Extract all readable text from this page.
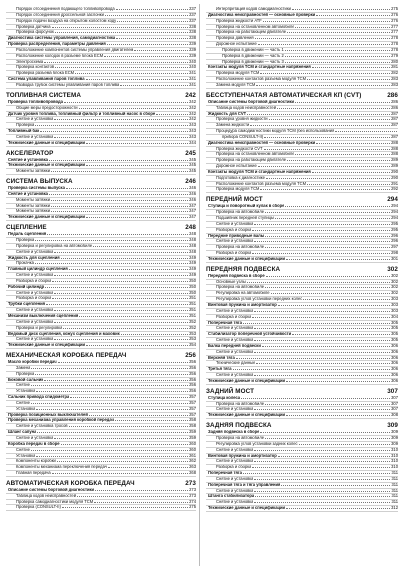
Порядок отсоединения подающего топливопровода	237
Порядок отсоединения дроссельной заслонки	237
Порядок подачи воздуха на открытом холостом ходу	237
Проверка датчика	238
Проверка форсунок	238
Диагностика системы управления, самодиагностика	238
Проверка распределения, параметры давления	239
Расположение компонентов системы управления двигателем	239
Расположение колодок в разъеме блока ECM	239
Электросхема	240
Проверка контактов	240
Проверка разъема блока ECM	241
Система улавливания паров топлива	241
Разводка трубок системы улавливания паров топлива	241
ТОПЛИВНАЯ СИСТЕМА	242
Проверка топливопровода	242
Общие меры предосторожности	242
Датчик уровня топлива, топливный фильтр и топливный насос в сборе	242
Снятие и установка	242
Проверка	243
Топливный бак	243
Снятие и установка	243
Технические данные и спецификации	244
АКСЕЛЕРАТОР	245
Снятие и установка	245
Технические данные и спецификации	245
Моменты затяжки	245
СИСТЕМА ВЫПУСКА	246
Проверка системы выпуска	246
Снятие и установка	246
Моменты затяжки	246
Моменты затяжки	247
Моменты затяжки	247
Технические данные и спецификации	247
СЦЕПЛЕНИЕ	248
Педаль сцепления	248
Проверка	248
Проверка и регулировка на автомобиле	248
Снятие и установка	248
Жидкость для сцепления	249
Прокачка	249
Главный цилиндр сцепления	249
Снятие и установка	249
Разборка и сборка	250
Рабочий цилиндр	250
Снятие и установка	250
Разборка и сборка	251
Трубки сцепления	251
Снятие и установка	251
Механизм выключения сцепления	251
Снятие и установка	252
Проверка и регулировка	252
Ведомый диск сцепления, кожух сцепления и маховик	253
Снятие и установка	253
Технические данные и спецификации	254
МЕХАНИЧЕСКАЯ КОРОБКА ПЕРЕДАЧ	256
Масло коробки передач	256
Замена	256
Проверка	256
Боковой сальник	256
Снятие	256
Установка	256
Сальник привода спидометра	257
Снятие	257
Установка	257
Проверка позиционных выключателей	257
Проверка механизма управления коробкой передач	258
Снятие и установка тросов	258
Шланг сапуна	259
Снятие и установка	259
Коробка передач в сборе	260
Снятие	260
Установка	261
Компоненты коробки	262
Компоненты механизма переключения передач	263
Главная передача	268
АВТОМАТИЧЕСКАЯ КОРОБКА ПЕРЕДАЧ	273
Описание системы бортовой диагностики	273
Таблица кодов неисправностей	273
Проверка самодиагностики модуля TCM	274
Проверка (CONSULT-II)	275
Интерпретация кодов самодиагностики	275
Диагностика неисправностей — основные проверки	276
Проверка жидкости ATF	276
Проверка на остановленном автомобиле	277
Проверка на работающем двигателе	277
Проверка давления	278
Дорожное испытание	278
Проверка в движении — часть 1	278
Проверка в движении — часть 2	279
Проверка в движении — часть 3	280
Контакты модуля TCM и стандартные напряжения	281
Проверка модуля TCM	282
Расположение контактов разъема модуля TCM	283
Замена модуля TCM	283
БЕССТУПЕНЧАТАЯ АВТОМАТИЧЕСКАЯ КП (CVT)	286
Описание системы бортовой диагностики	286
Таблица кодов неисправностей	286
Жидкость для CVT	287
Проверка уровня жидкости	287
Замена жидкости	287
Процедура самодиагностики модуля TCM (без использования
прибора CONSULT-II)	287
Диагностика неисправностей — основные проверки	288
Проверка жидкости CVT	288
Проверка на остановленном автомобиле	288
Проверка на работающем двигателе	289
Дорожное испытание	289
Контакты модуля TCM и стандартные напряжения	290
Подготовка к диагностике	290
Расположение контактов разъема модуля TCM	291
Проверка модуля TCM	292
ПЕРЕДНИЙ МОСТ	294
Ступица и поворотный кулак в сборе	294
Проверка на автомобиле	294
Подшипник передней ступицы	294
Снятие и установка	295
Разборка и сборка	295
Передние приводные валы	296
Снятие и установка	296
Проверка на автомобиле	297
Разборка и сборка	298
Технические данные и спецификации	301
ПЕРЕДНЯЯ ПОДВЕСКА	302
Передняя подвеска в сборе	302
Основные узлы	302
Проверка на автомобиле	302
Регулировка на автомобиле	302
Регулировка углов установки передних колес	303
Винтовая пружина и амортизатор	303
Снятие и установка	303
Разборка и сборка	304
Поперечная тяга	305
Снятие и установка	305
Стабилизатор поперечной устойчивости	305
Снятие и установка	305
Балка передней подвески	306
Снятие и установка	306
Верхняя тяга	306
Технические данные	306
Третья тяга	306
Снятие и установка	306
Технические данные и спецификации	306
ЗАДНИЙ МОСТ	307
Ступица колеса	307
Проверка на автомобиле	307
Снятие и установка	307
Технические данные и спецификации	308
ЗАДНЯЯ ПОДВЕСКА	309
Задняя подвеска в сборе	309
Проверка на автомобиле	309
Регулировка углов установки задних колес	309
Снятие и установка	310
Винтовая пружина и амортизатор	310
Снятие и установка	310
Разборка и сборка	310
Поперечная тяга	311
Снятие и установка	311
Поперечная тяга и тяга управления	311
Снятие и установка	311
Штанга стабилизатора	311
Снятие и установка	311
Технические данные и спецификации	312
